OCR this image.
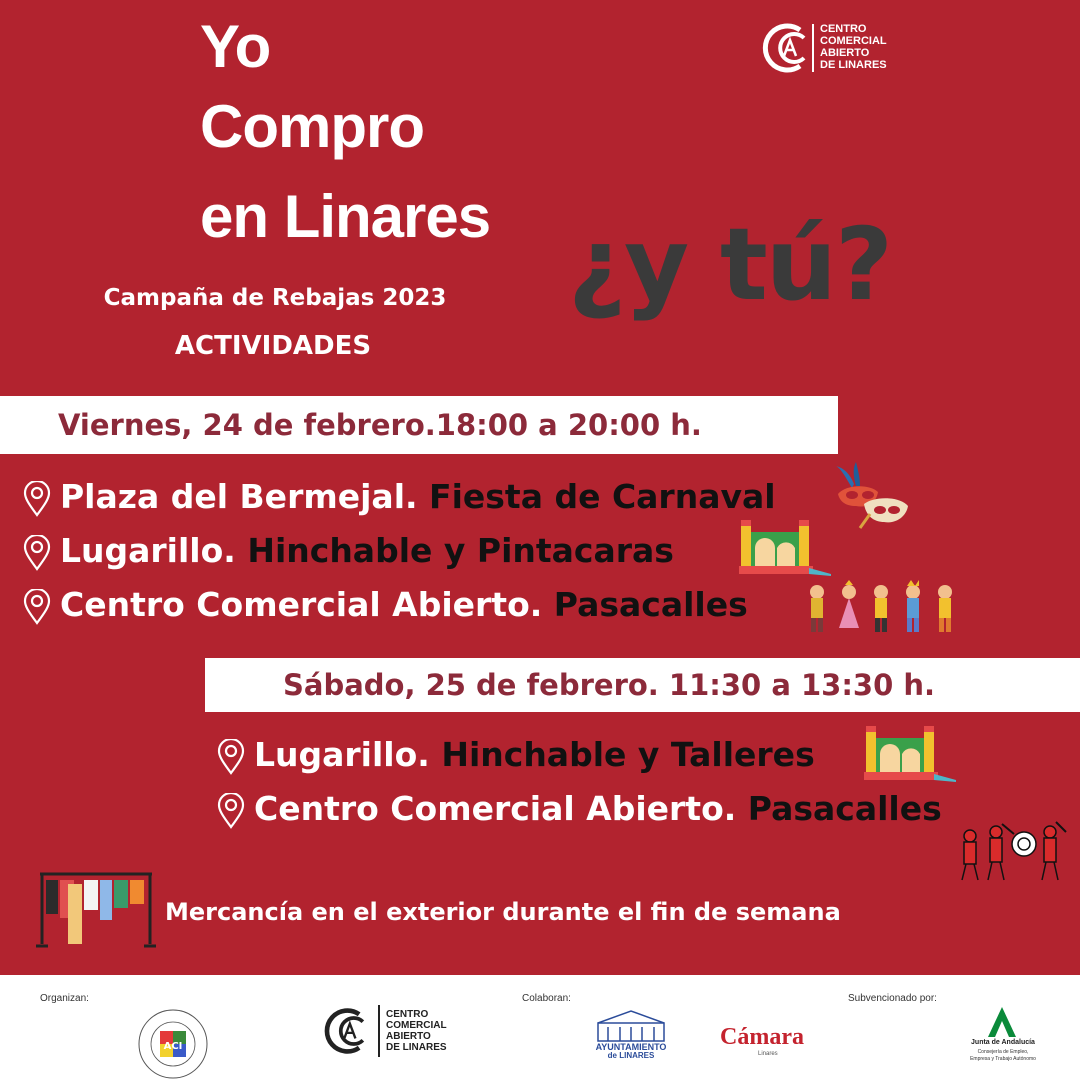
Yo
Compro
en Linares ¿y tú?
CENTRO
COMERCIAL
ABIERTO
DE LINARES
Campaña de Rebajas 2023
ACTIVIDADES
Viernes, 24 de febrero.18:00 a 20:00 h.
Plaza del Bermejal. Fiesta de Carnaval
Lugarillo. Hinchable y Pintacaras
Centro Comercial Abierto. Pasacalles
Sábado, 25 de febrero. 11:30 a 13:30 h.
Lugarillo. Hinchable y Talleres
Centro Comercial Abierto. Pasacalles
Mercancía en el exterior durante el fin de semana
Organizan:	Colaboran:	Subvencionado por:
ACI
CENTRO
COMERCIAL
ABIERTO
DE LINARES	AYUNTAMIENTO
de LINARES
Cámara
Linares
Junta de Andalucía
Consejería de Empleo,
Empresa y Trabajo Autónomo
